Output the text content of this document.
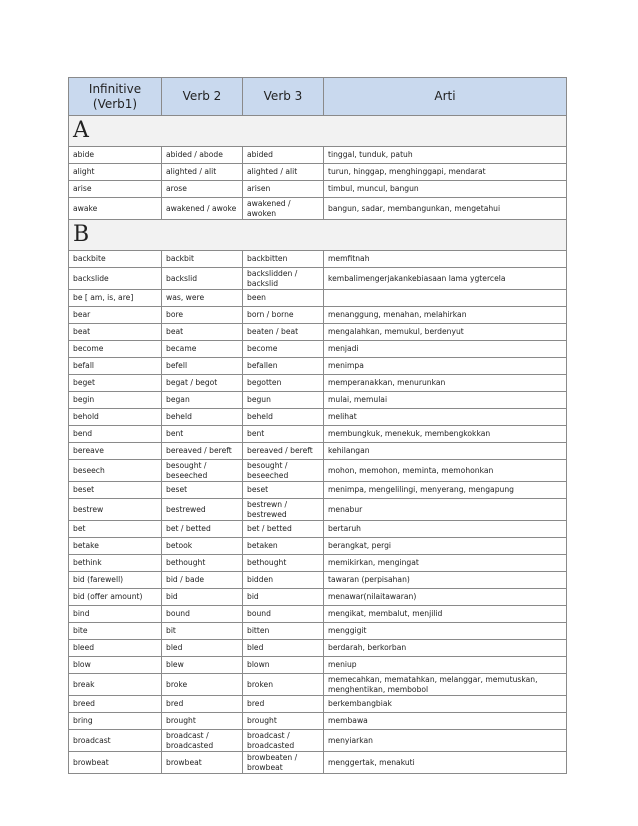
Infinitive (Verb1)	Verb 2	Verb 3	Arti
A			
abide	abided / abode	abided	tinggal, tunduk, patuh
alight	alighted / alit	alighted / alit	turun, hinggap, menghinggapi, mendarat
arise	arose	arisen	timbul, muncul, bangun
awake	awakened / awoke	awakened / awoken	bangun, sadar, membangunkan, mengetahui
B			
backbite	backbit	backbitten	memfitnah
backslide	backslid	backslidden / backslid	kembalimengerjakankebiasaan lama ygtercela
be [ am, is, are]	was, were	been	
bear	bore	born / borne	menanggung, menahan, melahirkan
beat	beat	beaten / beat	mengalahkan, memukul, berdenyut
become	became	become	menjadi
befall	befell	befallen	menimpa
beget	begat / begot	begotten	memperanakkan, menurunkan
begin	began	begun	mulai, memulai
behold	beheld	beheld	melihat
bend	bent	bent	membungkuk, menekuk, membengkokkan
bereave	bereaved / bereft	bereaved / bereft	kehilangan
beseech	besought / beseeched	besought / beseeched	mohon, memohon, meminta, memohonkan
beset	beset	beset	menimpa, mengelilingi, menyerang, mengapung
bestrew	bestrewed	bestrewn / bestrewed	menabur
bet	bet / betted	bet / betted	bertaruh
betake	betook	betaken	berangkat, pergi
bethink	bethought	bethought	memikirkan, mengingat
bid (farewell)	bid / bade	bidden	tawaran (perpisahan)
bid (offer amount)	bid	bid	menawar(nilaitawaran)
bind	bound	bound	mengikat, membalut, menjilid
bite	bit	bitten	menggigit
bleed	bled	bled	berdarah, berkorban
blow	blew	blown	meniup
break	broke	broken	memecahkan, mematahkan, melanggar, memutuskan, menghentikan, membobol
breed	bred	bred	berkembangbiak
bring	brought	brought	membawa
broadcast	broadcast / broadcasted	broadcast / broadcasted	menyiarkan
browbeat	browbeat	browbeaten / browbeat	menggertak, menakuti
